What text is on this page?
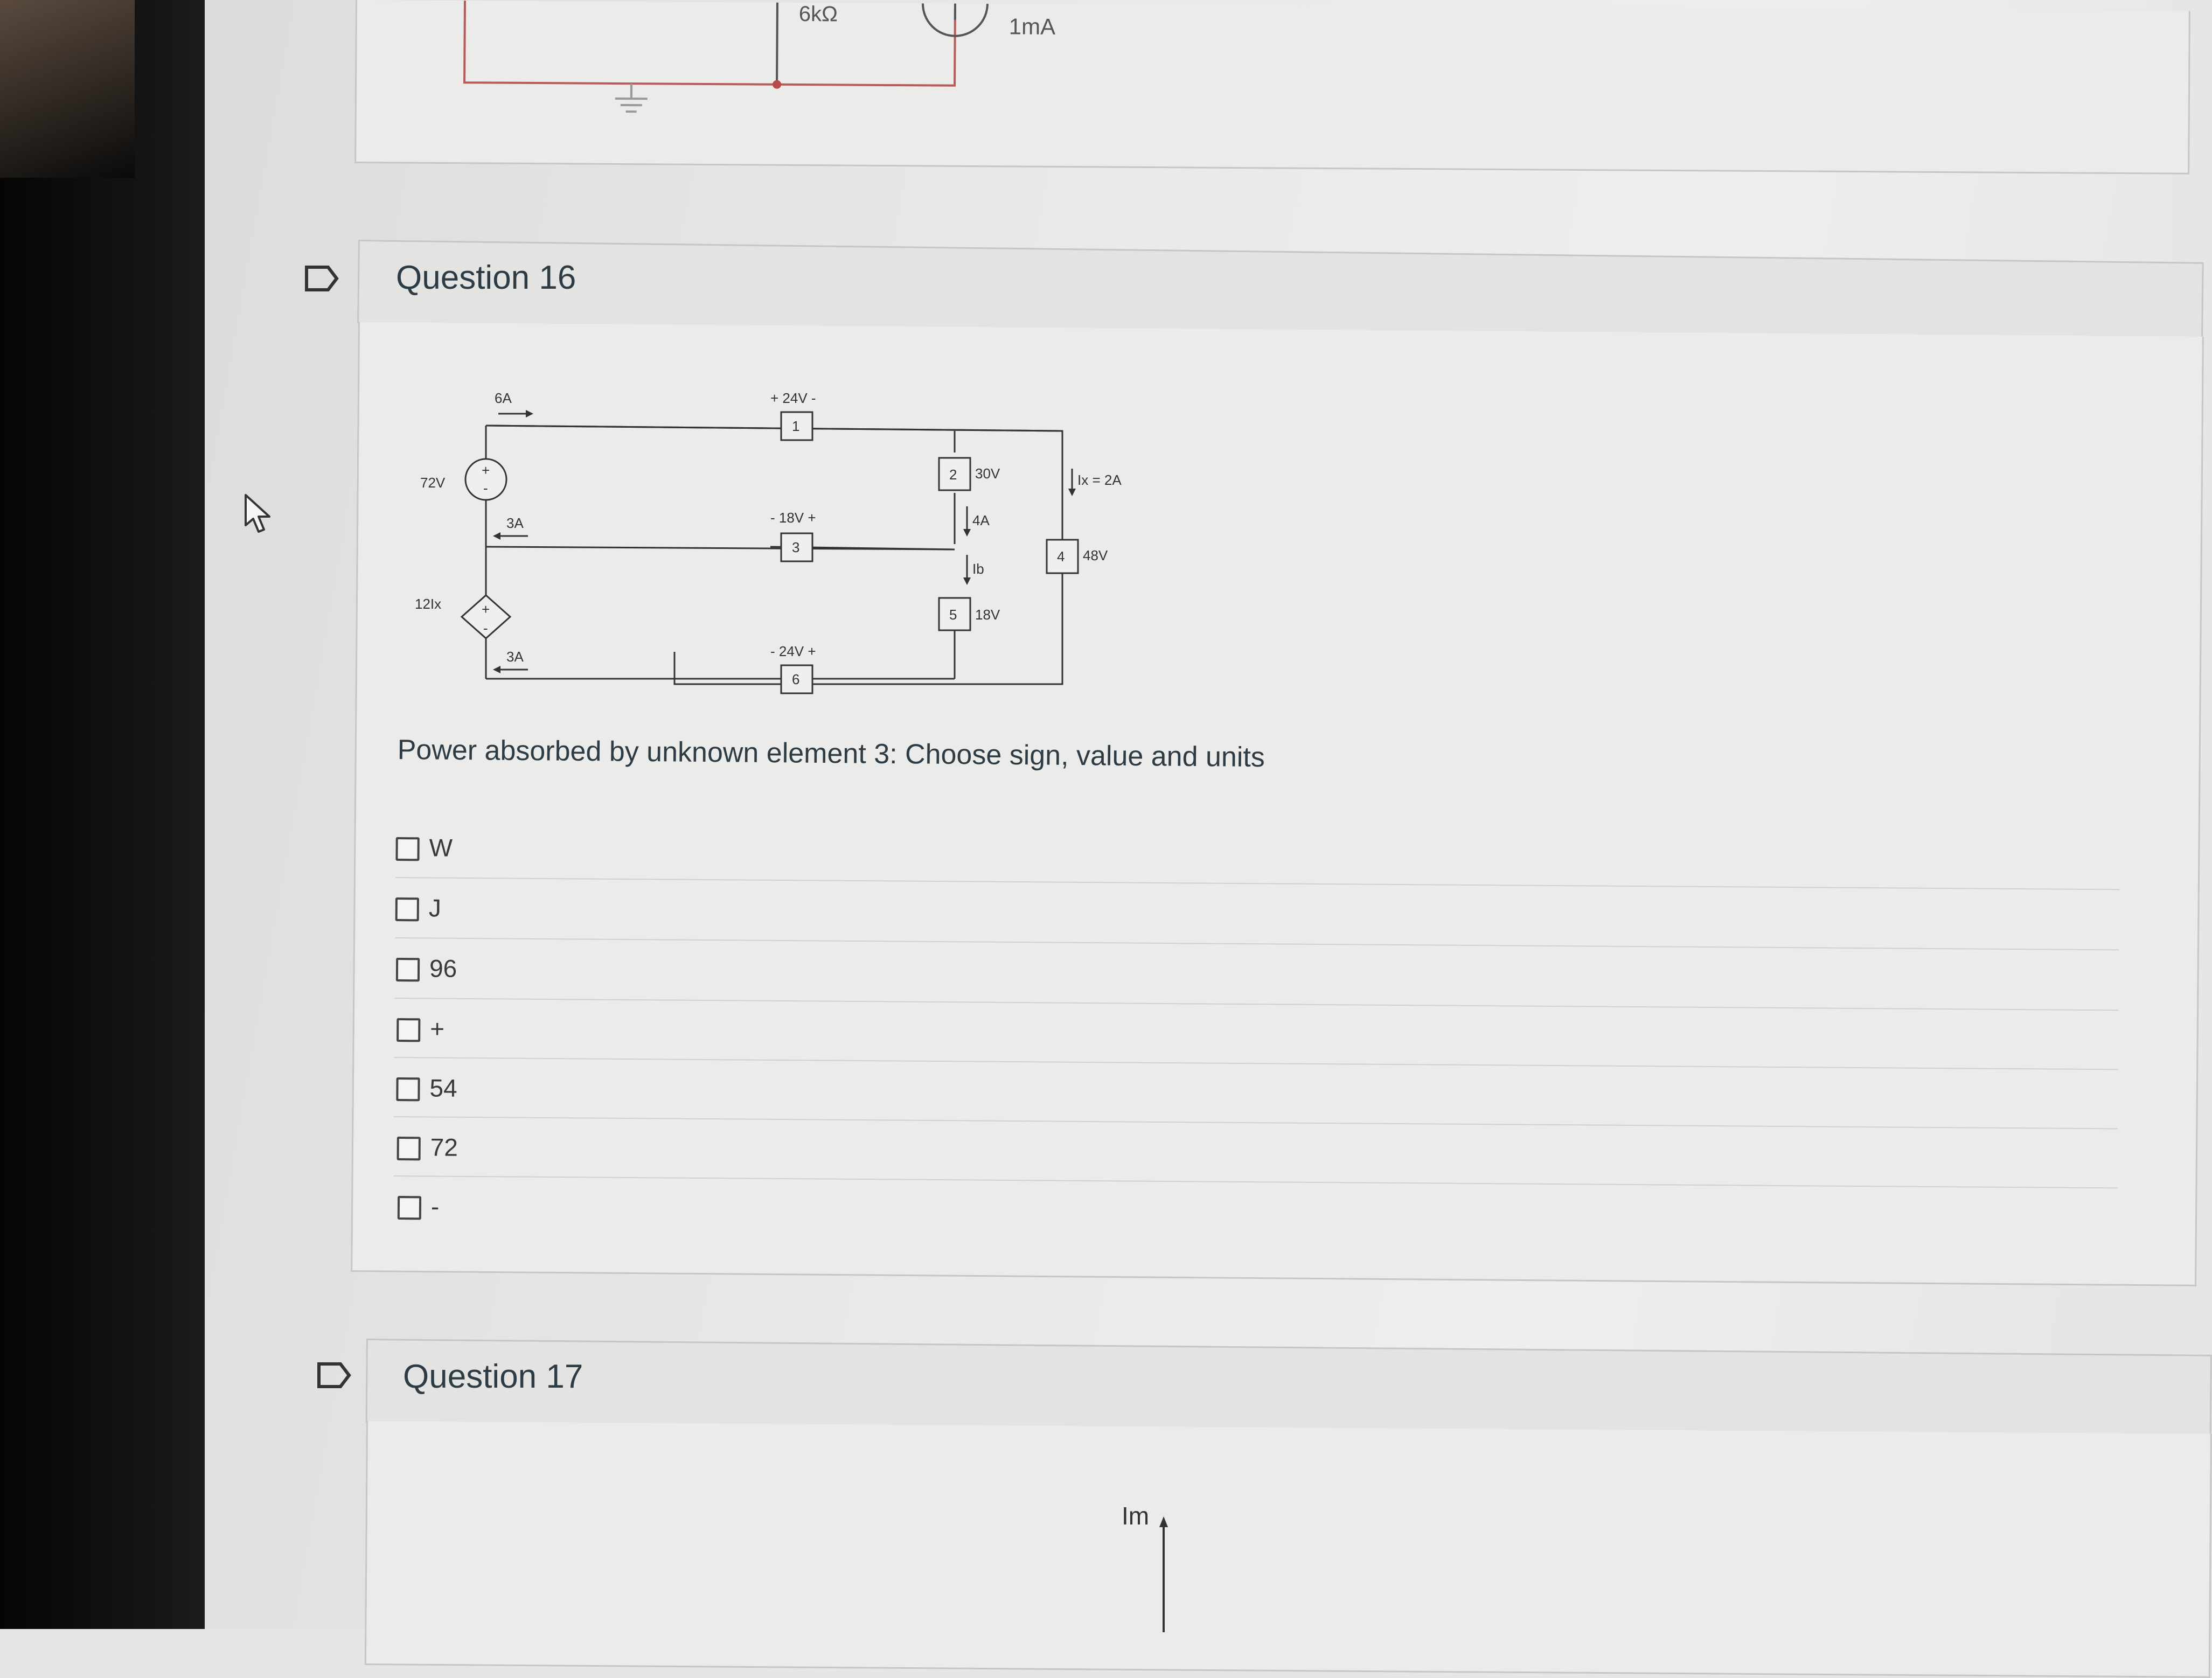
6kΩ	1mA
Question 16
6A	+ 24V -
1
72V
3A	- 18V +
3
12Ix
3A	- 24V +
6
2 30V
4A
Ib
5 18V
Ix = 2A
4 48V
+
-
+
-
Power absorbed by unknown element 3: Choose sign, value and units
W
J
96
+
54
72
-
Question 17
Im
